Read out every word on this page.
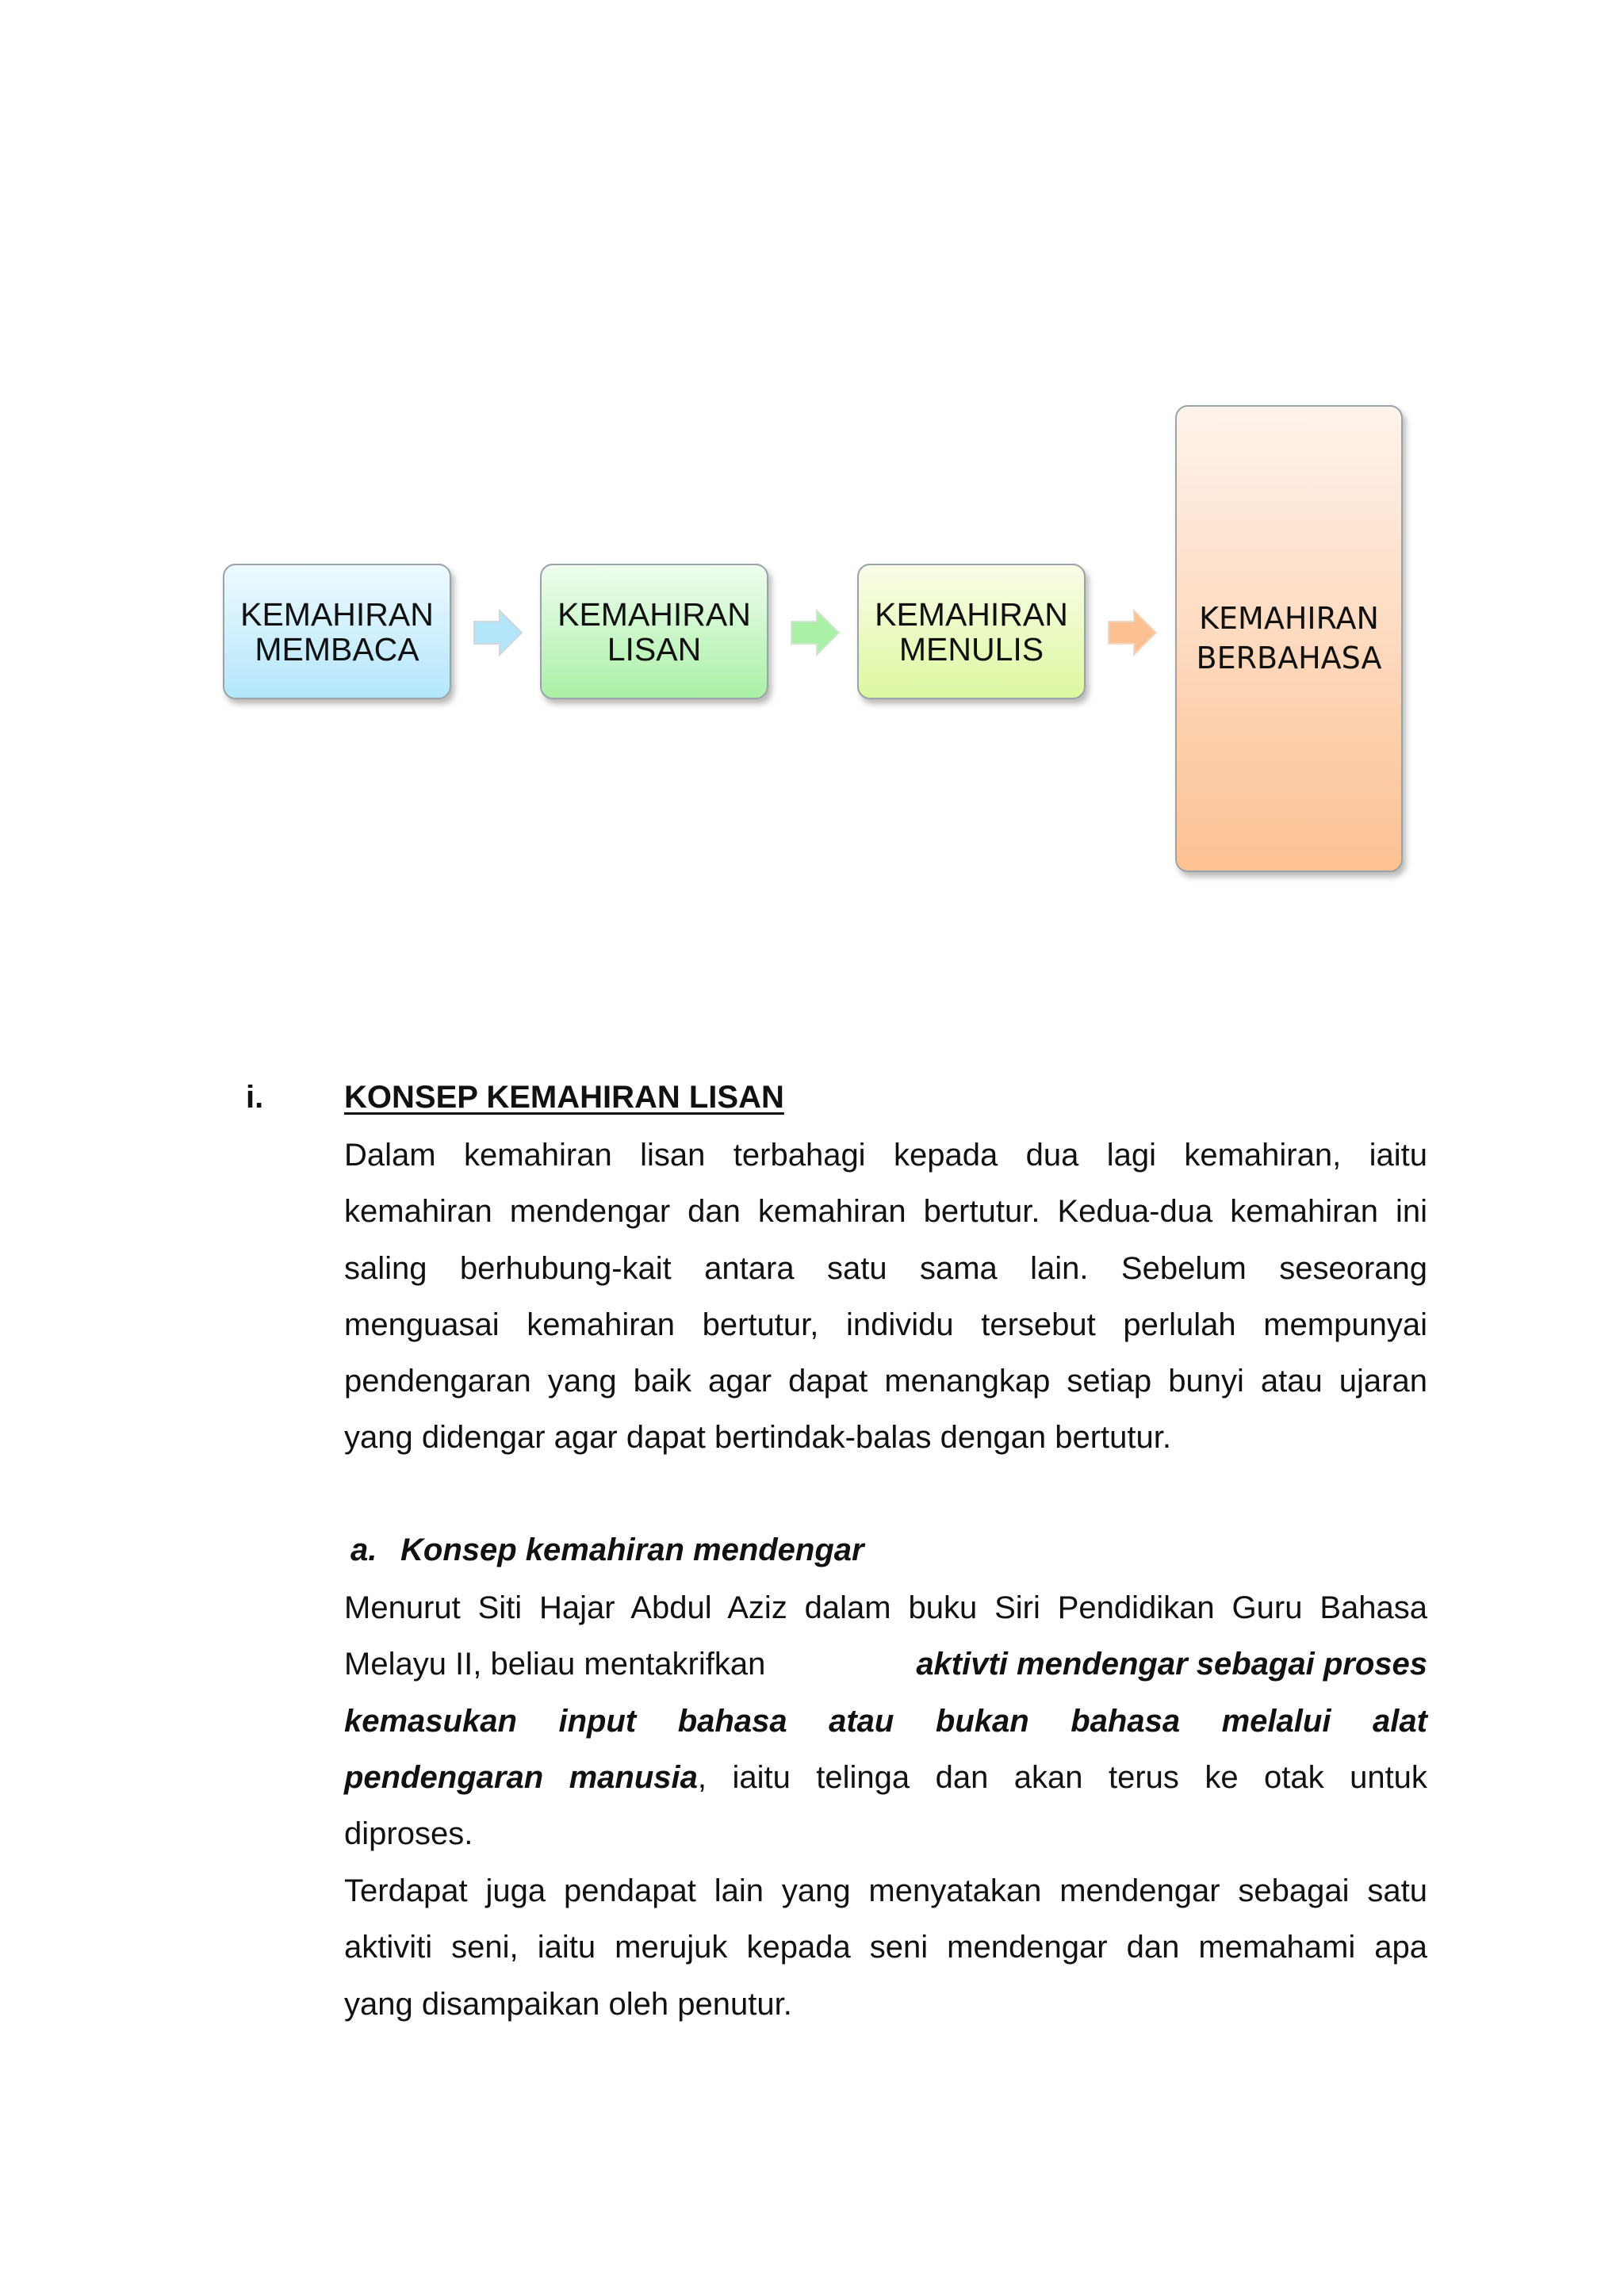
KEMAHIRAN
MEMBACA
KEMAHIRAN
LISAN
KEMAHIRAN
MENULIS
KEMAHIRAN
BERBAHASA
i.	KONSEP KEMAHIRAN LISAN
Dalam kemahiran lisan terbahagi kepada dua lagi kemahiran, iaitu
kemahiran mendengar dan kemahiran bertutur. Kedua-dua kemahiran ini
saling berhubung-kait antara satu sama lain. Sebelum seseorang
menguasai kemahiran bertutur, individu tersebut perlulah mempunyai
pendengaran yang baik agar dapat menangkap setiap bunyi atau ujaran
yang didengar agar dapat bertindak-balas dengan bertutur.
a. Konsep kemahiran mendengar
Menurut Siti Hajar Abdul Aziz dalam buku Siri Pendidikan Guru Bahasa
Melayu II, beliau mentakrifkan	aktivti mendengar sebagai proses
kemasukan input bahasa atau bukan bahasa melalui alat
pendengaran manusia, iaitu telinga dan akan terus ke otak untuk
diproses.
Terdapat juga pendapat lain yang menyatakan mendengar sebagai satu
aktiviti seni, iaitu merujuk kepada seni mendengar dan memahami apa
yang disampaikan oleh penutur.
